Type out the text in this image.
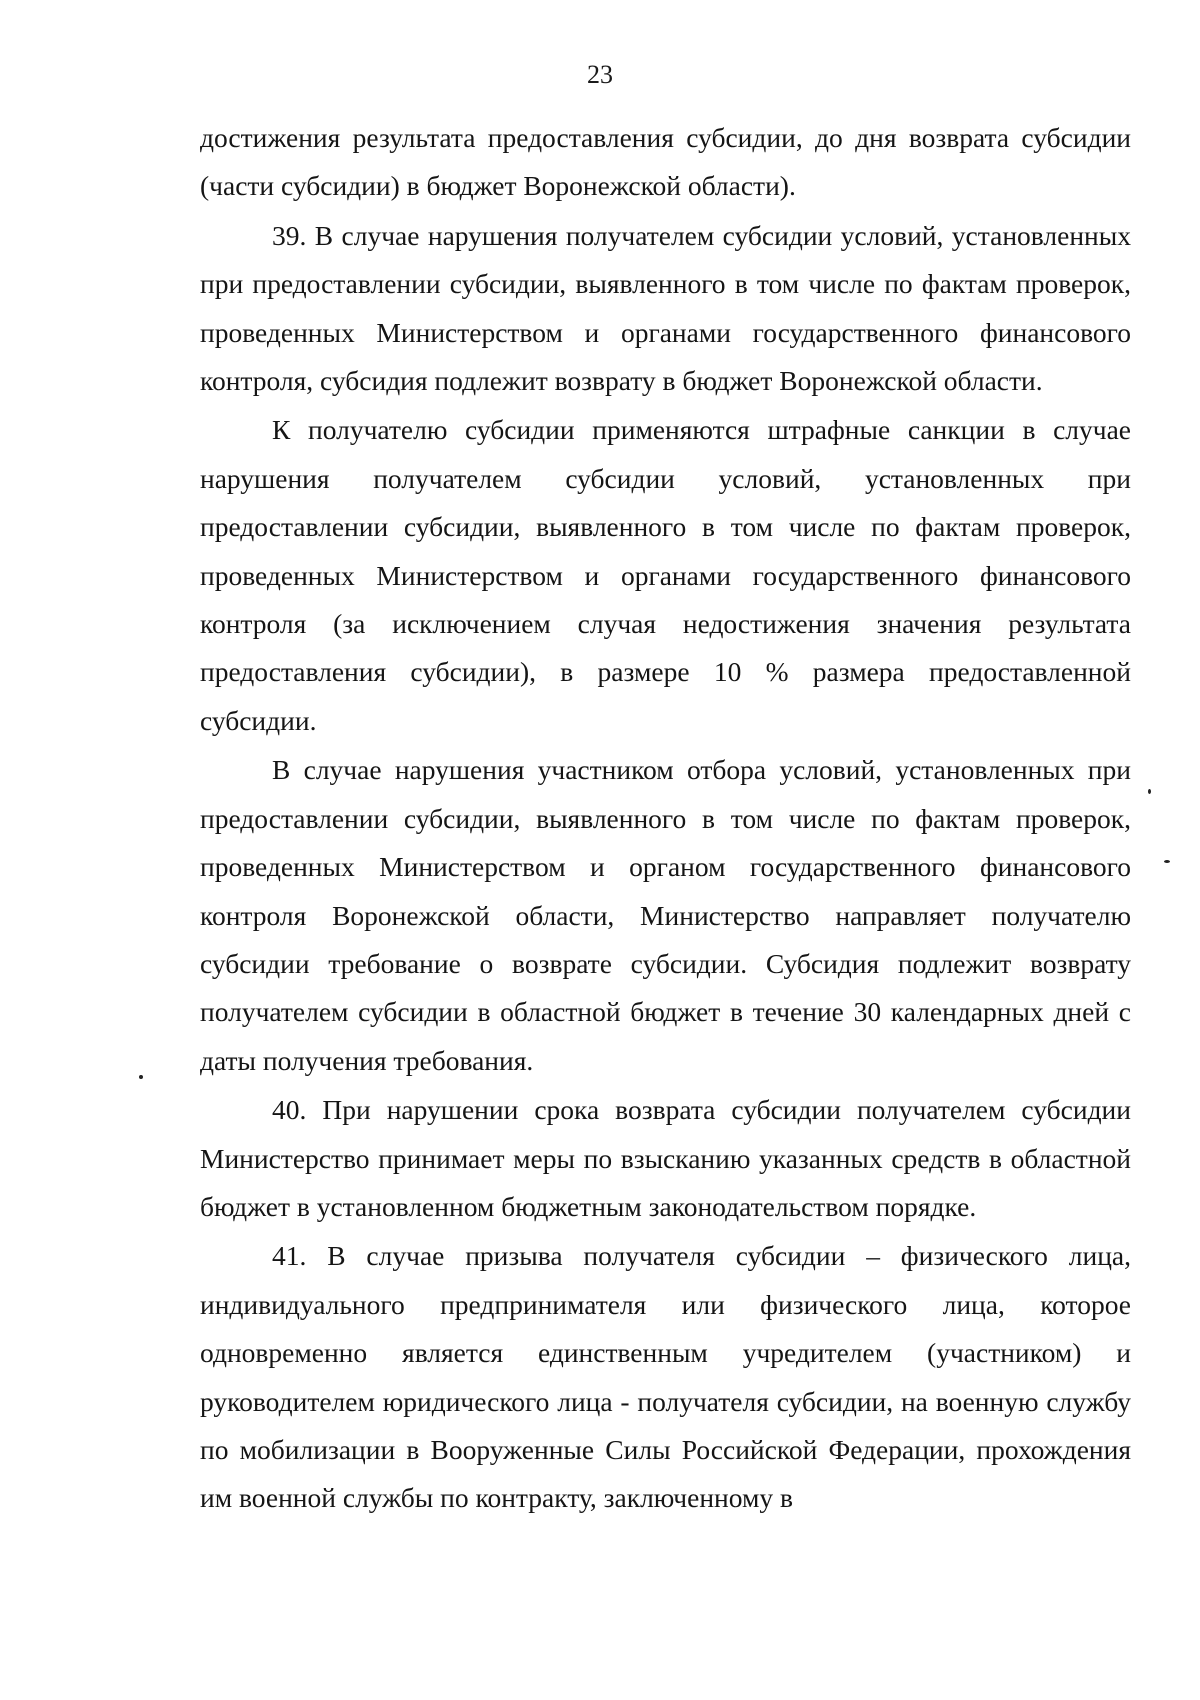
23

достижения результата предоставления субсидии, до дня возврата субсидии (части субсидии) в бюджет Воронежской области).

39. В случае нарушения получателем субсидии условий, установленных при предоставлении субсидии, выявленного в том числе по фактам проверок, проведенных Министерством и органами государственного финансового контроля, субсидия подлежит возврату в бюджет Воронежской области.

К получателю субсидии применяются штрафные санкции в случае нарушения получателем субсидии условий, установленных при предоставлении субсидии, выявленного в том числе по фактам проверок, проведенных Министерством и органами государственного финансового контроля (за исключением случая недостижения значения результата предоставления субсидии), в размере 10 % размера предоставленной субсидии.

В случае нарушения участником отбора условий, установленных при предоставлении субсидии, выявленного в том числе по фактам проверок, проведенных Министерством и органом государственного финансового контроля Воронежской области, Министерство направляет получателю субсидии требование о возврате субсидии. Субсидия подлежит возврату получателем субсидии в областной бюджет в течение 30 календарных дней с даты получения требования.

40. При нарушении срока возврата субсидии получателем субсидии Министерство принимает меры по взысканию указанных средств в областной бюджет в установленном бюджетным законодательством порядке.

41. В случае призыва получателя субсидии – физического лица, индивидуального предпринимателя или физического лица, которое одновременно является единственным учредителем (участником) и руководителем юридического лица - получателя субсидии, на военную службу по мобилизации в Вооруженные Силы Российской Федерации, прохождения им военной службы по контракту, заключенному в
